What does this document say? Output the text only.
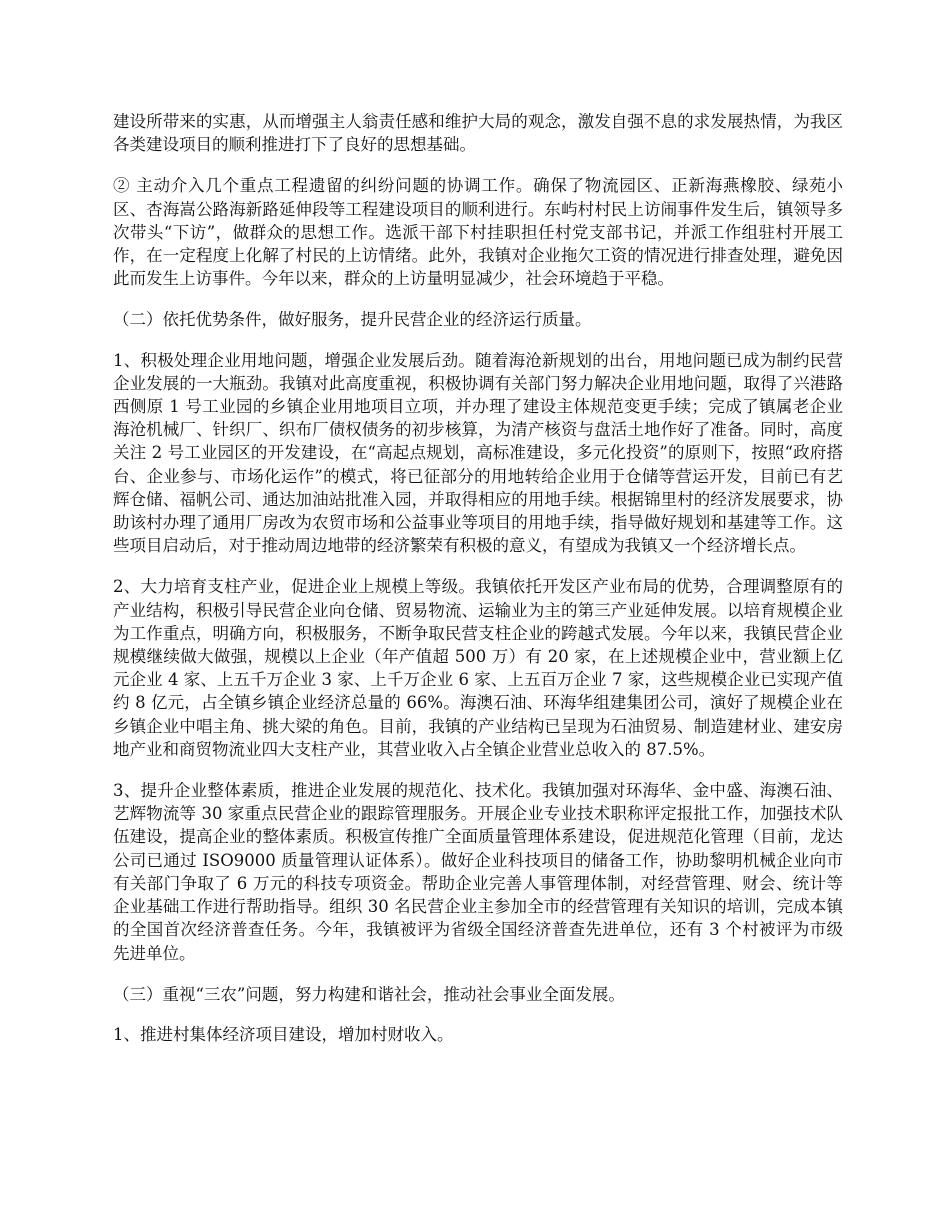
建设所带来的实惠，从而增强主人翁责任感和维护大局的观念，激发自强不息的求发展热情，为我区各类建设项目的顺利推进打下了良好的思想基础。

② 主动介入几个重点工程遗留的纠纷问题的协调工作。确保了物流园区、正新海燕橡胶、绿苑小区、杏海嵩公路海新路延伸段等工程建设项目的顺利进行。东屿村村民上访闹事件发生后，镇领导多次带头“下访”，做群众的思想工作。选派干部下村挂职担任村党支部书记，并派工作组驻村开展工作，在一定程度上化解了村民的上访情绪。此外，我镇对企业拖欠工资的情况进行排查处理，避免因此而发生上访事件。今年以来，群众的上访量明显减少，社会环境趋于平稳。

（二）依托优势条件，做好服务，提升民营企业的经济运行质量。

1、积极处理企业用地问题，增强企业发展后劲。随着海沧新规划的出台，用地问题已成为制约民营企业发展的一大瓶劲。我镇对此高度重视，积极协调有关部门努力解决企业用地问题，取得了兴港路西侧原 1 号工业园的乡镇企业用地项目立项，并办理了建设主体规范变更手续；完成了镇属老企业海沧机械厂、针织厂、织布厂债权债务的初步核算，为清产核资与盘活土地作好了准备。同时，高度关注 2 号工业园区的开发建设，在“高起点规划，高标准建设，多元化投资”的原则下，按照“政府搭台、企业参与、市场化运作”的模式，将已征部分的用地转给企业用于仓储等营运开发，目前已有艺辉仓储、福帆公司、通达加油站批准入园，并取得相应的用地手续。根据锦里村的经济发展要求，协助该村办理了通用厂房改为农贸市场和公益事业等项目的用地手续，指导做好规划和基建等工作。这些项目启动后，对于推动周边地带的经济繁荣有积极的意义，有望成为我镇又一个经济增长点。

2、大力培育支柱产业，促进企业上规模上等级。我镇依托开发区产业布局的优势，合理调整原有的产业结构，积极引导民营企业向仓储、贸易物流、运输业为主的第三产业延伸发展。以培育规模企业为工作重点，明确方向，积极服务，不断争取民营支柱企业的跨越式发展。今年以来，我镇民营企业规模继续做大做强，规模以上企业（年产值超 500 万）有 20 家，在上述规模企业中，营业额上亿元企业 4 家、上五千万企业 3 家、上千万企业 6 家、上五百万企业 7 家，这些规模企业已实现产值约 8 亿元，占全镇乡镇企业经济总量的 66%。海澳石油、环海华组建集团公司，演好了规模企业在乡镇企业中唱主角、挑大梁的角色。目前，我镇的产业结构已呈现为石油贸易、制造建材业、建安房地产业和商贸物流业四大支柱产业，其营业收入占全镇企业营业总收入的 87.5%。

3、提升企业整体素质，推进企业发展的规范化、技术化。我镇加强对环海华、金中盛、海澳石油、艺辉物流等 30 家重点民营企业的跟踪管理服务。开展企业专业技术职称评定报批工作，加强技术队伍建设，提高企业的整体素质。积极宣传推广全面质量管理体系建设，促进规范化管理（目前，龙达公司已通过 ISO9000 质量管理认证体系）。做好企业科技项目的储备工作，协助黎明机械企业向市有关部门争取了 6 万元的科技专项资金。帮助企业完善人事管理体制，对经营管理、财会、统计等企业基础工作进行帮助指导。组织 30 名民营企业主参加全市的经营管理有关知识的培训，完成本镇的全国首次经济普查任务。今年，我镇被评为省级全国经济普查先进单位，还有 3 个村被评为市级先进单位。

（三）重视“三农”问题，努力构建和谐社会，推动社会事业全面发展。

1、推进村集体经济项目建设，增加村财收入。
